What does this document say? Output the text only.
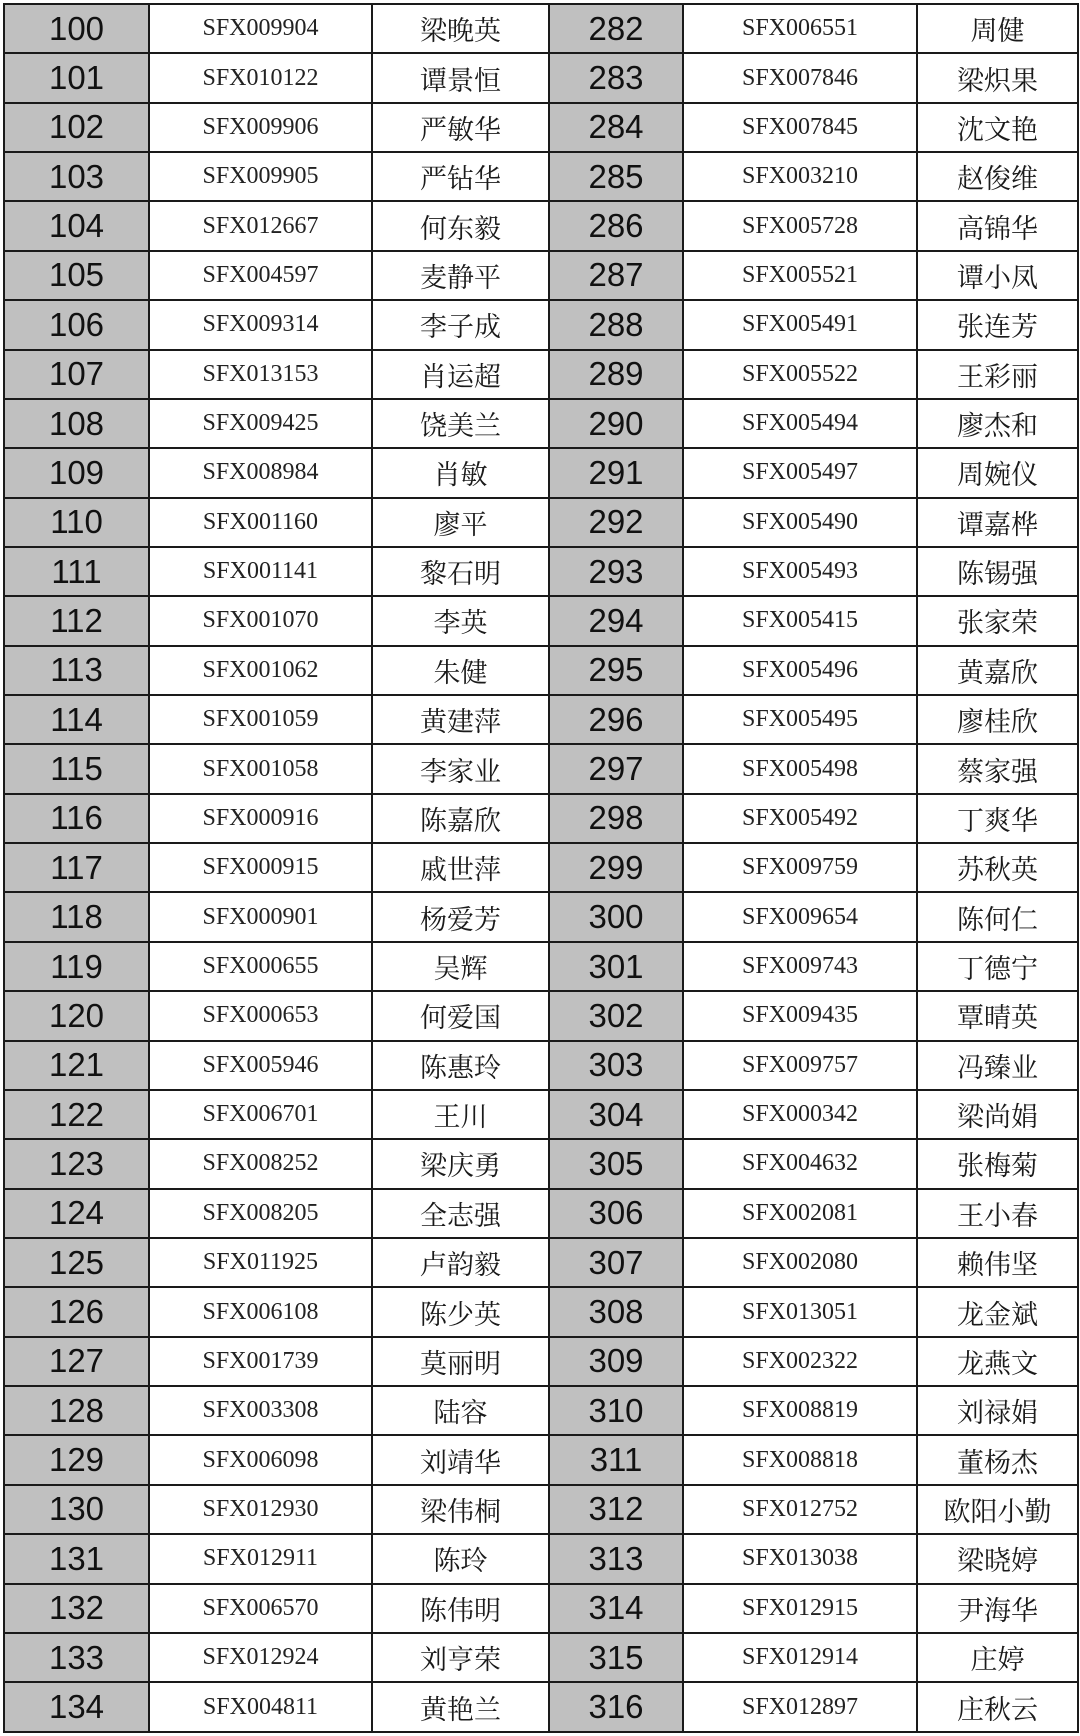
100	SFX009904	梁晚英	282	SFX006551	周健
101	SFX010122	谭景恒	283	SFX007846	梁炽果
102	SFX009906	严敏华	284	SFX007845	沈文艳
103	SFX009905	严钻华	285	SFX003210	赵俊维
104	SFX012667	何东毅	286	SFX005728	高锦华
105	SFX004597	麦静平	287	SFX005521	谭小凤
106	SFX009314	李子成	288	SFX005491	张连芳
107	SFX013153	肖运超	289	SFX005522	王彩丽
108	SFX009425	饶美兰	290	SFX005494	廖杰和
109	SFX008984	肖敏	291	SFX005497	周婉仪
110	SFX001160	廖平	292	SFX005490	谭嘉桦
111	SFX001141	黎石明	293	SFX005493	陈锡强
112	SFX001070	李英	294	SFX005415	张家荣
113	SFX001062	朱健	295	SFX005496	黄嘉欣
114	SFX001059	黄建萍	296	SFX005495	廖桂欣
115	SFX001058	李家业	297	SFX005498	蔡家强
116	SFX000916	陈嘉欣	298	SFX005492	丁爽华
117	SFX000915	戚世萍	299	SFX009759	苏秋英
118	SFX000901	杨爱芳	300	SFX009654	陈何仁
119	SFX000655	吴辉	301	SFX009743	丁德宁
120	SFX000653	何爱国	302	SFX009435	覃晴英
121	SFX005946	陈惠玲	303	SFX009757	冯臻业
122	SFX006701	王川	304	SFX000342	梁尚娟
123	SFX008252	梁庆勇	305	SFX004632	张梅菊
124	SFX008205	全志强	306	SFX002081	王小春
125	SFX011925	卢韵毅	307	SFX002080	赖伟坚
126	SFX006108	陈少英	308	SFX013051	龙金斌
127	SFX001739	莫丽明	309	SFX002322	龙燕文
128	SFX003308	陆容	310	SFX008819	刘禄娟
129	SFX006098	刘靖华	311	SFX008818	董杨杰
130	SFX012930	梁伟桐	312	SFX012752	欧阳小勤
131	SFX012911	陈玲	313	SFX013038	梁晓婷
132	SFX006570	陈伟明	314	SFX012915	尹海华
133	SFX012924	刘亨荣	315	SFX012914	庄婷
134	SFX004811	黄艳兰	316	SFX012897	庄秋云
